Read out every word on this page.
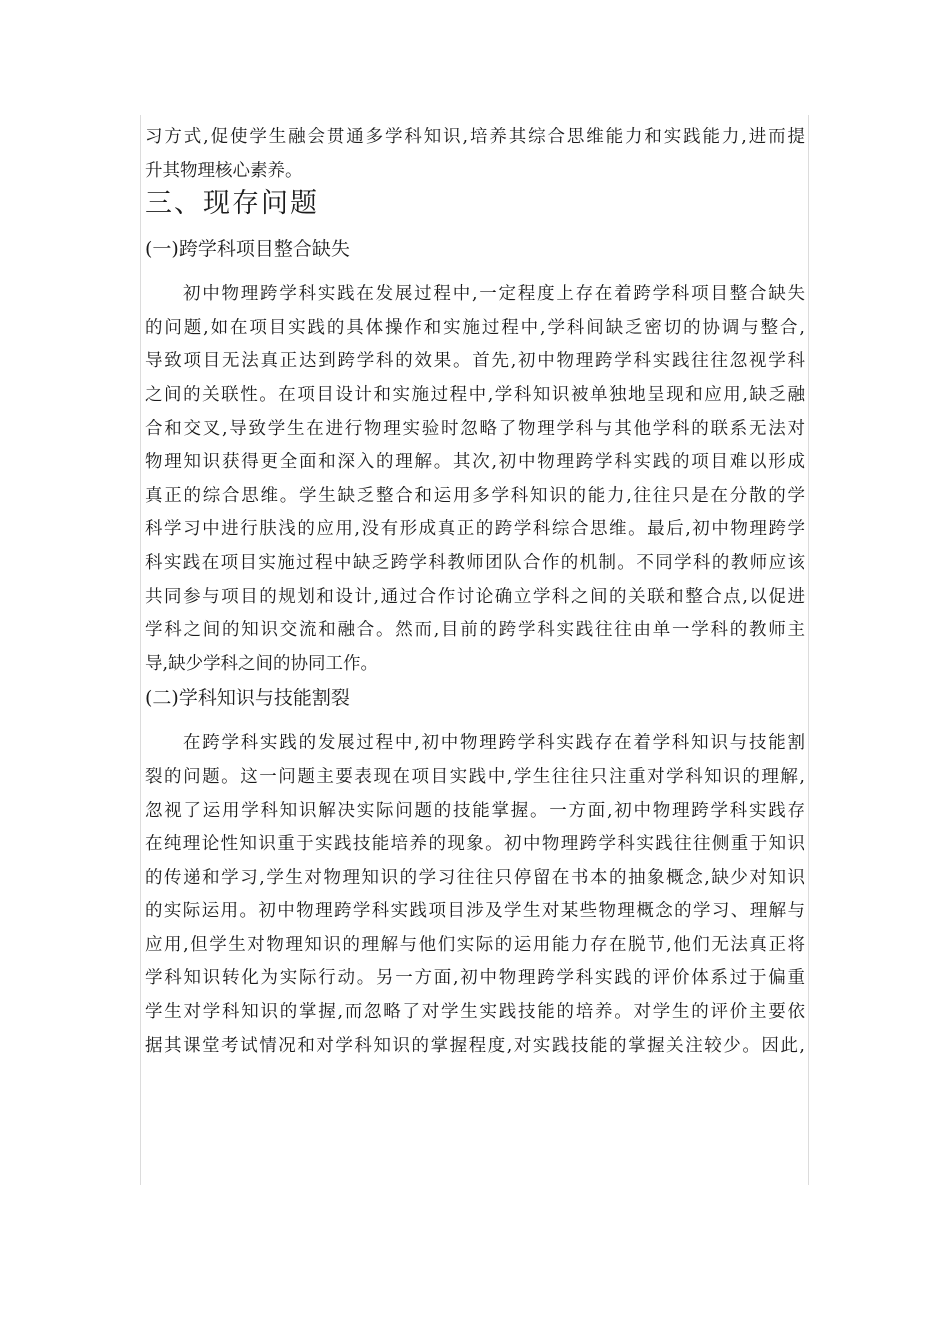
习方式,促使学生融会贯通多学科知识,培养其综合思维能力和实践能力,进而提
升其物理核心素养。
三、现存问题
(一)跨学科项目整合缺失
初中物理跨学科实践在发展过程中,一定程度上存在着跨学科项目整合缺失
的问题,如在项目实践的具体操作和实施过程中,学科间缺乏密切的协调与整合,
导致项目无法真正达到跨学科的效果。首先,初中物理跨学科实践往往忽视学科
之间的关联性。在项目设计和实施过程中,学科知识被单独地呈现和应用,缺乏融
合和交叉,导致学生在进行物理实验时忽略了物理学科与其他学科的联系无法对
物理知识获得更全面和深入的理解。其次,初中物理跨学科实践的项目难以形成
真正的综合思维。学生缺乏整合和运用多学科知识的能力,往往只是在分散的学
科学习中进行肤浅的应用,没有形成真正的跨学科综合思维。最后,初中物理跨学
科实践在项目实施过程中缺乏跨学科教师团队合作的机制。不同学科的教师应该
共同参与项目的规划和设计,通过合作讨论确立学科之间的关联和整合点,以促进
学科之间的知识交流和融合。然而,目前的跨学科实践往往由单一学科的教师主
导,缺少学科之间的协同工作。
(二)学科知识与技能割裂
在跨学科实践的发展过程中,初中物理跨学科实践存在着学科知识与技能割
裂的问题。这一问题主要表现在项目实践中,学生往往只注重对学科知识的理解,
忽视了运用学科知识解决实际问题的技能掌握。一方面,初中物理跨学科实践存
在纯理论性知识重于实践技能培养的现象。初中物理跨学科实践往往侧重于知识
的传递和学习,学生对物理知识的学习往往只停留在书本的抽象概念,缺少对知识
的实际运用。初中物理跨学科实践项目涉及学生对某些物理概念的学习、理解与
应用,但学生对物理知识的理解与他们实际的运用能力存在脱节,他们无法真正将
学科知识转化为实际行动。另一方面,初中物理跨学科实践的评价体系过于偏重
学生对学科知识的掌握,而忽略了对学生实践技能的培养。对学生的评价主要依
据其课堂考试情况和对学科知识的掌握程度,对实践技能的掌握关注较少。因此,
